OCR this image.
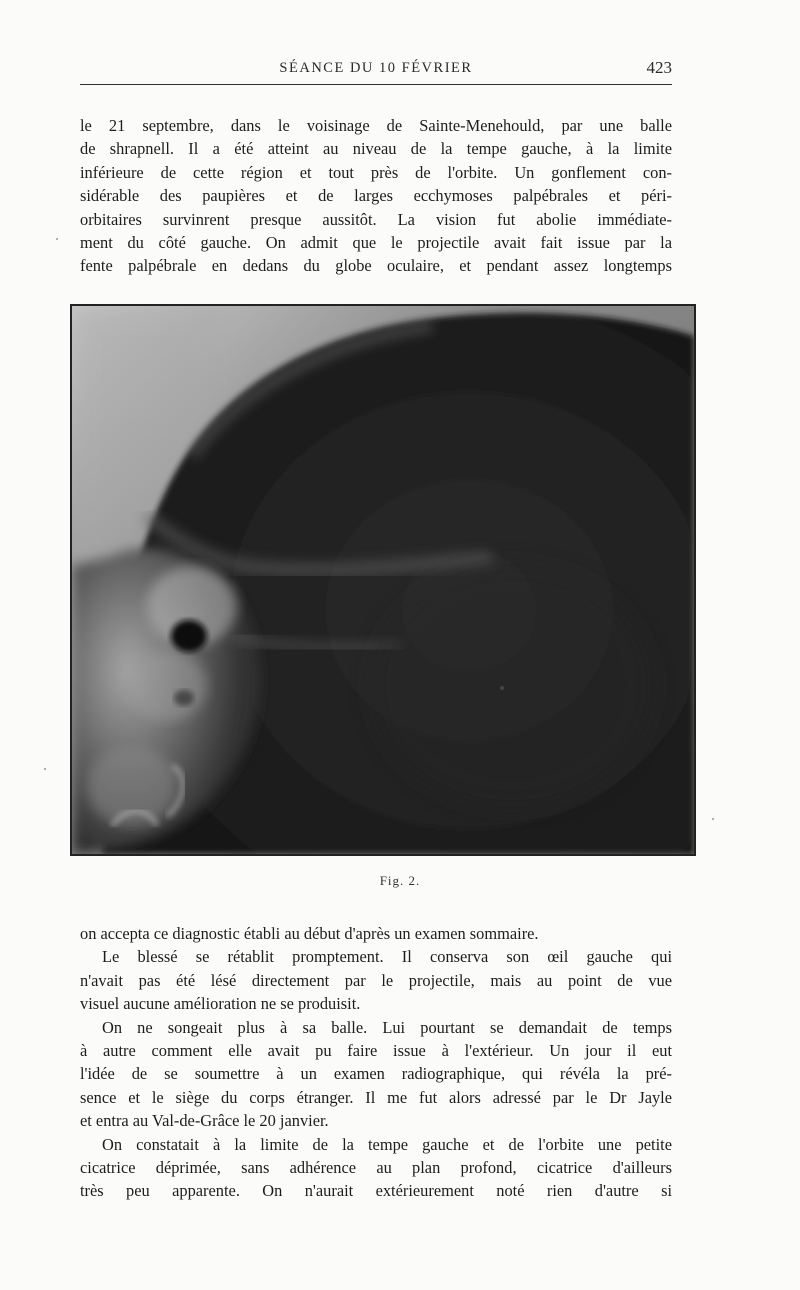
SÉANCE DU 10 FÉVRIER	423
le 21 septembre, dans le voisinage de Sainte-Menehould, par une balle
de shrapnell. Il a été atteint au niveau de la tempe gauche, à la limite
inférieure de cette région et tout près de l'orbite. Un gonflement con-
sidérable des paupières et de larges ecchymoses palpébrales et péri-
orbitaires survinrent presque aussitôt. La vision fut abolie immédiate-
ment du côté gauche. On admit que le projectile avait fait issue par la
fente palpébrale en dedans du globe oculaire, et pendant assez longtemps
Fig. 2.
on accepta ce diagnostic établi au début d'après un examen sommaire.
Le blessé se rétablit promptement. Il conserva son œil gauche qui
n'avait pas été lésé directement par le projectile, mais au point de vue
visuel aucune amélioration ne se produisit.
On ne songeait plus à sa balle. Lui pourtant se demandait de temps
à autre comment elle avait pu faire issue à l'extérieur. Un jour il eut
l'idée de se soumettre à un examen radiographique, qui révéla la pré-
sence et le siège du corps étranger. Il me fut alors adressé par le Dr Jayle
et entra au Val-de-Grâce le 20 janvier.
On constatait à la limite de la tempe gauche et de l'orbite une petite
cicatrice déprimée, sans adhérence au plan profond, cicatrice d'ailleurs
très peu apparente. On n'aurait extérieurement noté rien d'autre si
